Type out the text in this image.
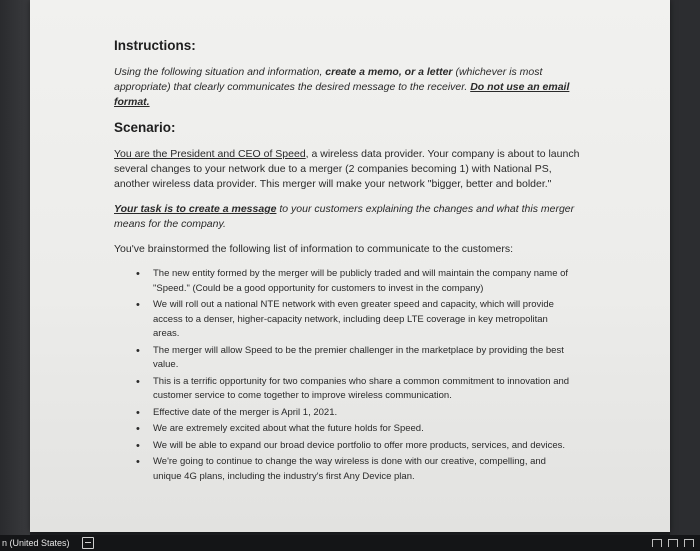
Instructions:

Using the following situation and information, create a memo, or a letter (whichever is most appropriate) that clearly communicates the desired message to the receiver. Do not use an email format.

Scenario:

You are the President and CEO of Speed, a wireless data provider. Your company is about to launch several changes to your network due to a merger (2 companies becoming 1) with National PS, another wireless data provider. This merger will make your network "bigger, better and bolder."

Your task is to create a message to your customers explaining the changes and what this merger means for the company.

You've brainstormed the following list of information to communicate to the customers:

• The new entity formed by the merger will be publicly traded and will maintain the company name of "Speed." (Could be a good opportunity for customers to invest in the company)
• We will roll out a national NTE network with even greater speed and capacity, which will provide access to a denser, higher-capacity network, including deep LTE coverage in key metropolitan areas.
• The merger will allow Speed to be the premier challenger in the marketplace by providing the best value.
• This is a terrific opportunity for two companies who share a common commitment to innovation and customer service to come together to improve wireless communication.
• Effective date of the merger is April 1, 2021.
• We are extremely excited about what the future holds for Speed.
• We will be able to expand our broad device portfolio to offer more products, services, and devices.
• We're going to continue to change the way wireless is done with our creative, compelling, and unique 4G plans, including the industry's first Any Device plan.
n (United States)
